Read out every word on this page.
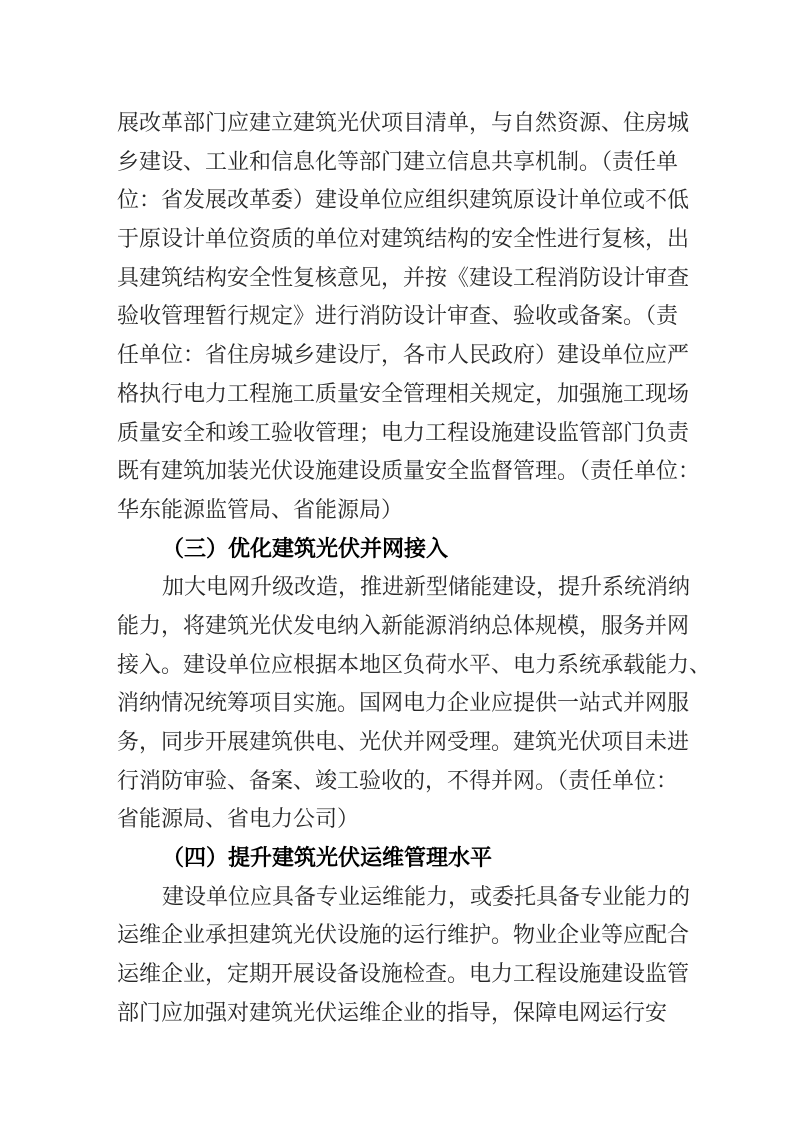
展改革部门应建立建筑光伏项目清单，与自然资源、住房城
乡建设、工业和信息化等部门建立信息共享机制。（责任单
位：省发展改革委）建设单位应组织建筑原设计单位或不低
于原设计单位资质的单位对建筑结构的安全性进行复核，出
具建筑结构安全性复核意见，并按《建设工程消防设计审查
验收管理暂行规定》进行消防设计审查、验收或备案。（责
任单位：省住房城乡建设厅，各市人民政府）建设单位应严
格执行电力工程施工质量安全管理相关规定，加强施工现场
质量安全和竣工验收管理；电力工程设施建设监管部门负责
既有建筑加装光伏设施建设质量安全监督管理。（责任单位：
华东能源监管局、省能源局）
（三）优化建筑光伏并网接入
加大电网升级改造，推进新型储能建设，提升系统消纳
能力，将建筑光伏发电纳入新能源消纳总体规模，服务并网
接入。建设单位应根据本地区负荷水平、电力系统承载能力、
消纳情况统筹项目实施。国网电力企业应提供一站式并网服
务，同步开展建筑供电、光伏并网受理。建筑光伏项目未进
行消防审验、备案、竣工验收的，不得并网。（责任单位：
省能源局、省电力公司）
（四）提升建筑光伏运维管理水平
建设单位应具备专业运维能力，或委托具备专业能力的
运维企业承担建筑光伏设施的运行维护。物业企业等应配合
运维企业，定期开展设备设施检查。电力工程设施建设监管
部门应加强对建筑光伏运维企业的指导，保障电网运行安
